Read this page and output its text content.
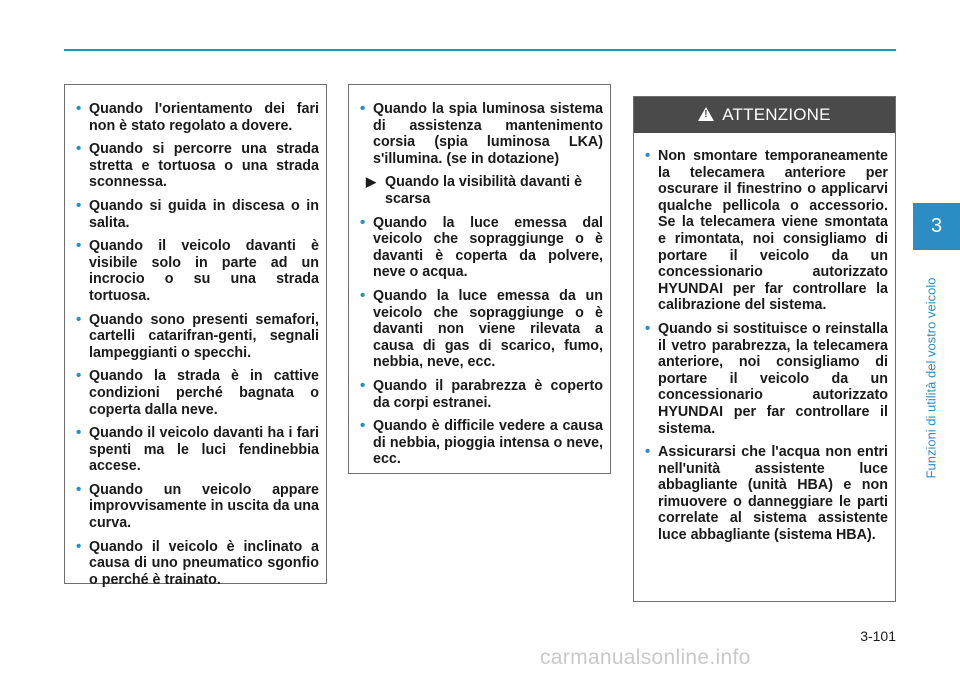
• Quando l'orientamento dei fari non è stato regolato a dovere.
• Quando si percorre una strada stretta e tortuosa o una strada sconnessa.
• Quando si guida in discesa o in salita.
• Quando il veicolo davanti è visibile solo in parte ad un incrocio o su una strada tortuosa.
• Quando sono presenti semafori, cartelli catarifran-genti, segnali lampeggianti o specchi.
• Quando la strada è in cattive condizioni perché bagnata o coperta dalla neve.
• Quando il veicolo davanti ha i fari spenti ma le luci fendinebbia accese.
• Quando un veicolo appare improvvisamente in uscita da una curva.
• Quando il veicolo è inclinato a causa di uno pneumatico sgonfio o perché è trainato.
• Quando la spia luminosa sistema di assistenza mantenimento corsia (spia luminosa LKA) s'illumina. (se in dotazione)
▶ Quando la visibilità davanti è scarsa
• Quando la luce emessa dal veicolo che sopraggiunge o è davanti è coperta da polvere, neve o acqua.
• Quando la luce emessa da un veicolo che sopraggiunge o è davanti non viene rilevata a causa di gas di scarico, fumo, nebbia, neve, ecc.
• Quando il parabrezza è coperto da corpi estranei.
• Quando è difficile vedere a causa di nebbia, pioggia intensa o neve, ecc.
! ATTENZIONE
• Non smontare temporaneamente la telecamera anteriore per oscurare il finestrino o applicarvi qualche pellicola o accessorio. Se la telecamera viene smontata e rimontata, noi consigliamo di portare il veicolo da un concessionario autorizzato HYUNDAI per far controllare la calibrazione del sistema.
• Quando si sostituisce o reinstalla il vetro parabrezza, la telecamera anteriore, noi consigliamo di portare il veicolo da un concessionario autorizzato HYUNDAI per far controllare il sistema.
• Assicurarsi che l'acqua non entri nell'unità assistente luce abbagliante (unità HBA) e non rimuovere o danneggiare le parti correlate al sistema assistente luce abbagliante (sistema HBA).
3
Funzioni di utilità del vostro veicolo
3-101
carmanualsonline.info
